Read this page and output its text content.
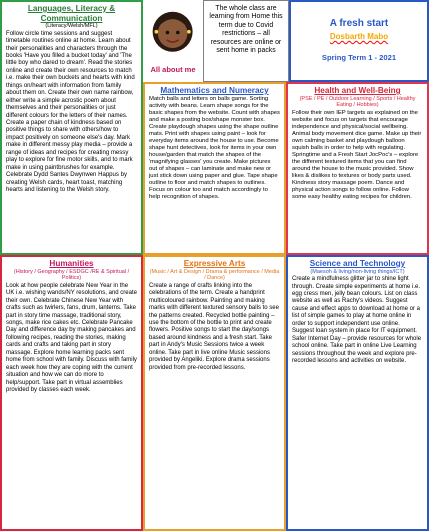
Languages, Literacy & Communication

(Literacy/Welsh/MFL)

Follow circle time sessions and suggest timetable routines online at home. Learn about their personalities and characters through the books 'Have you filled a bucket today' and 'The little boy who dared to dream'. Read the stories online and create their own resources to match i.e. make their own buckets and hearts with kind things on/heart with information from family about them on. Create their own name rainbow, either write a simple acrostic poem about themselves and their personalities or just different colours for the letters of their names. Create a paper chain of kindness based on positive things to share with others/how to impact positively on someone else's day. Mark make in different messy play media – provide a range of ideas and recipes for creating messy play to explore for fine motor skills, and to mark make in using paintbrushes for example. Celebrate Dydd Santes Dwynwen Happus by creating Welsh cards, heart toast, matching hearts and listening to the Welsh story.

All about me

The whole class are learning from Home this term due to Covid restrictions – all resources are online or sent home in packs

A fresh start

Dosbarth Mabo

Spring Term 1 - 2021

Mathematics and Numeracy

Match balls and letters on balls game. Sorting activity with beans. Learn shape songs for the basic shapes from the website. Count with shapes and make a posting box/shape monster box. Create playdough shapes using the shape outline mats. Print with shapes using paint – look for everyday items around the house to use. Become shape hunt detectives, look for items in your own house/garden that match the shapes of the 'magnifying glasses' you create. Make pictures out of shapes – can laminate and make new or just stick down using paper and glue. Tape shape outline to floor and match shapes to outlines. Focus on colour too and match accordingly to help recognition of shapes.

Health and Well-Being

(PSE / PE / Outdoor Learning / Sports / Healthy Eating / Hobbies)

Follow their own IEP targets as explained on the website and focus on targets that encourage independence and physical/social wellbeing. Animal body movement dice game. Make up their own calming basket and playdough balloon squish balls in order to help with regulating. Springtime and a Fresh Start JocPoc's – explore the different textured items that you can find around the house to the music provided. Show likes & dislikes to textures or body parts used. Kindness story massage poem. Dance and physical action songs to follow online. Follow some easy healthy eating recipes for children.

Humanities

(History / Geography / ESDGC /RE & Spiritual / Politics)

Look at how people celebrate New Year in the UK i.e. wishing wands/NY resolutions, and create their own. Celebrate Chinese New Year with crafts such as twirlers, fans, drum, lanterns. Take part in story time massage, traditional story, songs, make rice cakes etc. Celebrate Pancake Day and difference day by making pancakes and following recipes, reading the stories, making cards and crafts and taking part in story massage. Explore home learning packs sent home from school with family. Discuss with family each week how they are coping with the current situation and how we can do more to help/support. Take part in virtual assemblies provided by classes each week.

Expressive Arts

(Music / Art & Design / Drama & performance / Media / Dance)

Create a range of crafts linking into the celebrations of the term. Create a handprint multicoloured rainbow. Painting and making marks with different textured sensory balls to see the patterns created. Recycled bottle painting – use the bottom of the bottle to print and create flowers. Positive songs to start the day/songs based around kindness and a fresh start. Take part in Andy's Music Sessions twice a week online. Take part in live online Music sessions provided by Angeliki. Explore drama sessions provided from pre-recorded lessons.

Science and Technology

(Maesoh & living/non-living things/ICT)

Create a mindfulness glitter jar to shine light through. Create simple experiments at home i.e. egg cress men, jelly bean colours. List on class website as well as Rachy's videos. Suggest cause and effect apps to download at home or a list of simple games to play at home online in order to support independent use online. Suggest loan system in place for IT equipment. Safer Internet Day – provide resources for whole school online. Take part in online Live Learning sessions throughout the week and explore pre-recorded lessons and activities on website.
